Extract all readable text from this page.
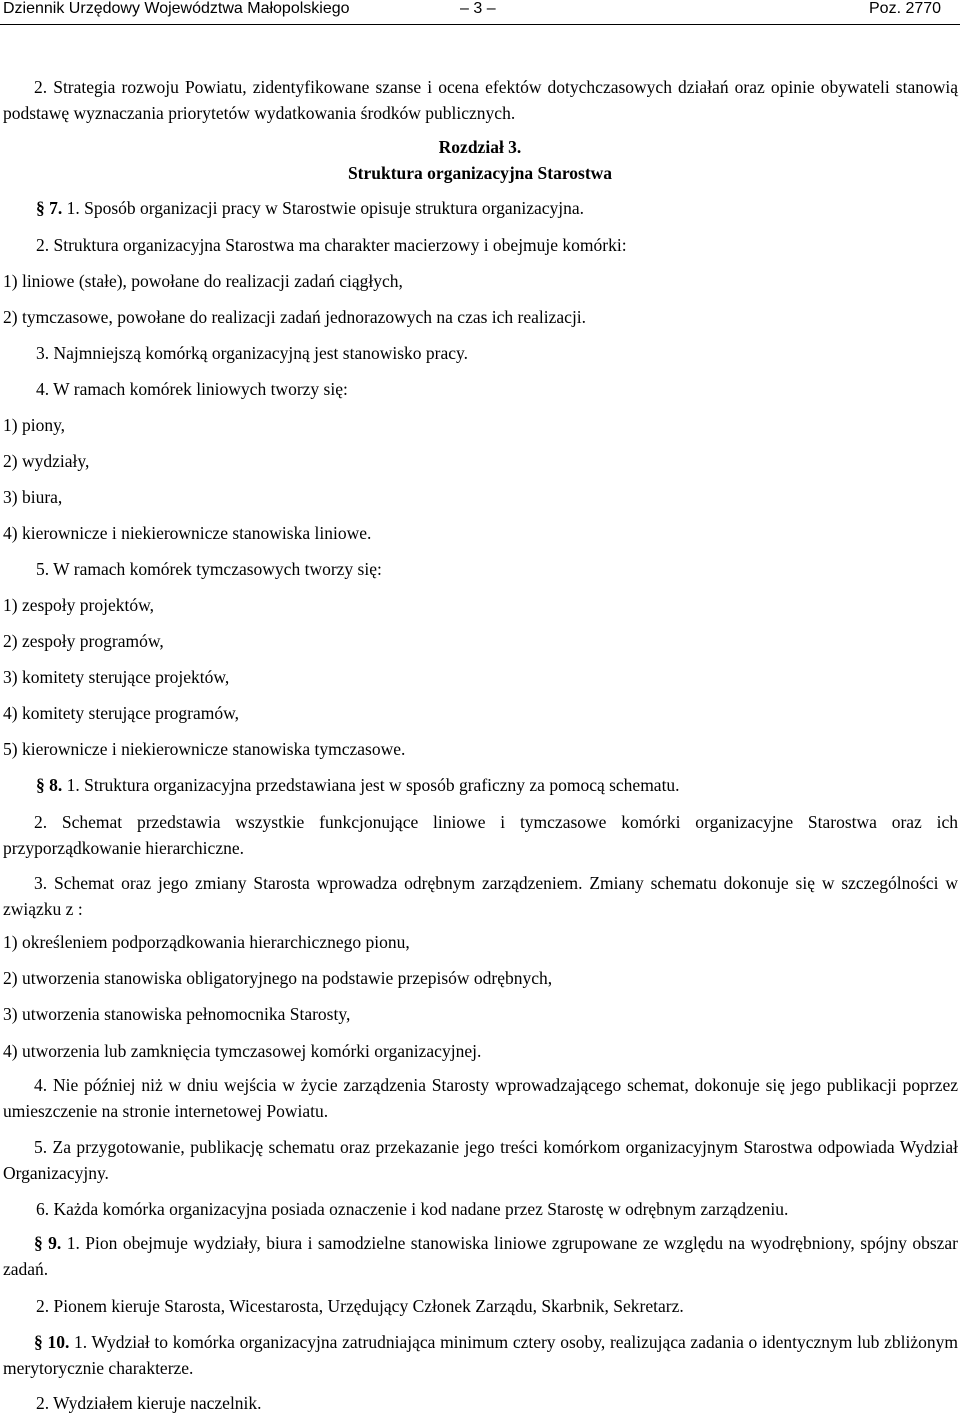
Dziennik Urzędowy Województwa Małopolskiego	– 3 –	Poz. 2770
2. Strategia rozwoju Powiatu, zidentyfikowane szanse i ocena efektów dotychczasowych działań oraz opinie obywateli stanowią podstawę wyznaczania priorytetów wydatkowania środków publicznych.
Rozdział 3.
Struktura organizacyjna Starostwa
§ 7. 1. Sposób organizacji pracy w Starostwie opisuje struktura organizacyjna.
2. Struktura organizacyjna Starostwa ma charakter macierzowy i obejmuje komórki:
1) liniowe (stałe), powołane do realizacji zadań ciągłych,
2) tymczasowe, powołane do realizacji zadań jednorazowych na czas ich realizacji.
3. Najmniejszą komórką organizacyjną jest stanowisko pracy.
4. W ramach komórek liniowych tworzy się:
1) piony,
2) wydziały,
3) biura,
4) kierownicze i niekierownicze stanowiska liniowe.
5. W ramach komórek tymczasowych tworzy się:
1) zespoły projektów,
2) zespoły programów,
3) komitety sterujące projektów,
4) komitety sterujące programów,
5) kierownicze i niekierownicze stanowiska tymczasowe.
§ 8. 1. Struktura organizacyjna przedstawiana jest w sposób graficzny za pomocą schematu.
2. Schemat przedstawia wszystkie funkcjonujące liniowe i tymczasowe komórki organizacyjne Starostwa oraz ich przyporządkowanie hierarchiczne.
3. Schemat oraz jego zmiany Starosta wprowadza odrębnym zarządzeniem. Zmiany schematu dokonuje się w szczególności w związku z :
1) określeniem podporządkowania hierarchicznego pionu,
2) utworzenia stanowiska obligatoryjnego na podstawie przepisów odrębnych,
3) utworzenia stanowiska pełnomocnika Starosty,
4) utworzenia lub zamknięcia tymczasowej komórki organizacyjnej.
4. Nie później niż w dniu wejścia w życie zarządzenia Starosty wprowadzającego schemat, dokonuje się jego publikacji poprzez umieszczenie na stronie internetowej Powiatu.
5. Za przygotowanie, publikację schematu oraz przekazanie jego treści komórkom organizacyjnym Starostwa odpowiada Wydział Organizacyjny.
6. Każda komórka organizacyjna posiada oznaczenie i kod nadane przez Starostę w odrębnym zarządzeniu.
§ 9. 1. Pion obejmuje wydziały, biura i samodzielne stanowiska liniowe zgrupowane ze względu na wyodrębniony, spójny obszar zadań.
2. Pionem kieruje Starosta, Wicestarosta, Urzędujący Członek Zarządu, Skarbnik, Sekretarz.
§ 10. 1. Wydział to komórka organizacyjna zatrudniająca minimum cztery osoby, realizująca zadania o identycznym lub zbliżonym merytorycznie charakterze.
2. Wydziałem kieruje naczelnik.
